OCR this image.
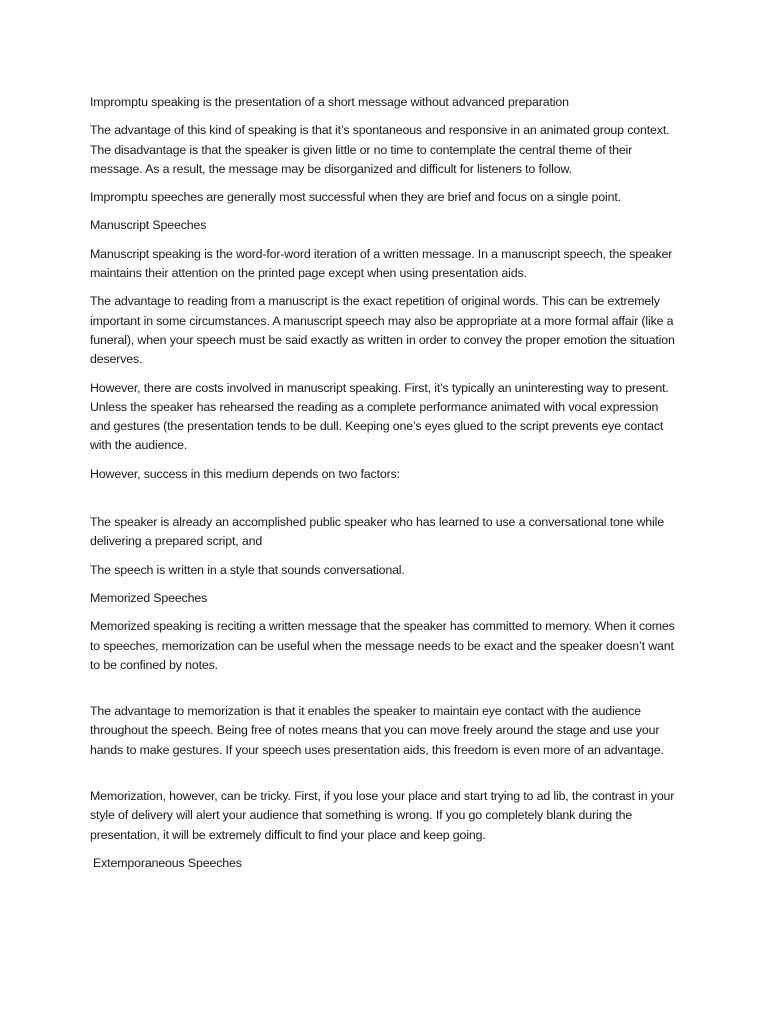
Impromptu speaking is the presentation of a short message without advanced preparation

The advantage of this kind of speaking is that it’s spontaneous and responsive in an animated group context. The disadvantage is that the speaker is given little or no time to contemplate the central theme of their message. As a result, the message may be disorganized and difficult for listeners to follow.

Impromptu speeches are generally most successful when they are brief and focus on a single point.

Manuscript Speeches

Manuscript speaking is the word-for-word iteration of a written message. In a manuscript speech, the speaker maintains their attention on the printed page except when using presentation aids.

The advantage to reading from a manuscript is the exact repetition of original words. This can be extremely important in some circumstances. A manuscript speech may also be appropriate at a more formal affair (like a funeral), when your speech must be said exactly as written in order to convey the proper emotion the situation deserves.

However, there are costs involved in manuscript speaking. First, it’s typically an uninteresting way to present. Unless the speaker has rehearsed the reading as a complete performance animated with vocal expression and gestures (the presentation tends to be dull. Keeping one’s eyes glued to the script prevents eye contact with the audience.

However, success in this medium depends on two factors:

The speaker is already an accomplished public speaker who has learned to use a conversational tone while delivering a prepared script, and

The speech is written in a style that sounds conversational.

Memorized Speeches

Memorized speaking is reciting a written message that the speaker has committed to memory. When it comes to speeches, memorization can be useful when the message needs to be exact and the speaker doesn’t want to be confined by notes.

The advantage to memorization is that it enables the speaker to maintain eye contact with the audience throughout the speech. Being free of notes means that you can move freely around the stage and use your hands to make gestures. If your speech uses presentation aids, this freedom is even more of an advantage.

Memorization, however, can be tricky. First, if you lose your place and start trying to ad lib, the contrast in your style of delivery will alert your audience that something is wrong. If you go completely blank during the presentation, it will be extremely difficult to find your place and keep going.

Extemporaneous Speeches
